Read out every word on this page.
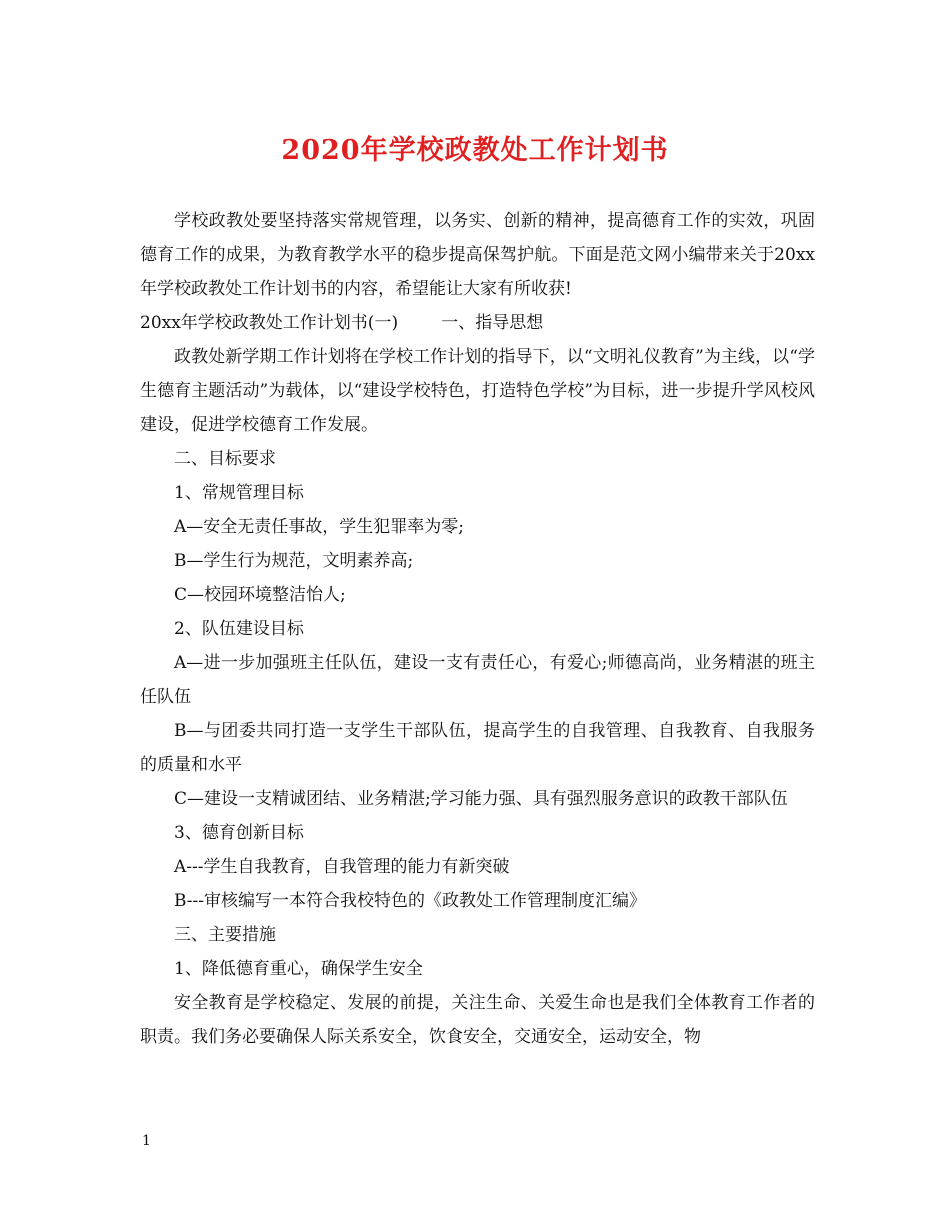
2020年学校政教处工作计划书

学校政教处要坚持落实常规管理，以务实、创新的精神，提高德育工作的实效，巩固德育工作的成果，为教育教学水平的稳步提高保驾护航。下面是范文网小编带来关于20xx年学校政教处工作计划书的内容，希望能让大家有所收获!

20xx年学校政教处工作计划书(一)        一、指导思想

政教处新学期工作计划将在学校工作计划的指导下，以“文明礼仪教育”为主线，以“学生德育主题活动”为载体，以“建设学校特色，打造特色学校”为目标，进一步提升学风校风建设，促进学校德育工作发展。

二、目标要求

1、常规管理目标

A—安全无责任事故，学生犯罪率为零;

B—学生行为规范，文明素养高;

C—校园环境整洁怡人;

2、队伍建设目标

A—进一步加强班主任队伍，建设一支有责任心，有爱心;师德高尚，业务精湛的班主任队伍

B—与团委共同打造一支学生干部队伍，提高学生的自我管理、自我教育、自我服务的质量和水平

C—建设一支精诚团结、业务精湛;学习能力强、具有强烈服务意识的政教干部队伍

3、德育创新目标

A---学生自我教育，自我管理的能力有新突破

B---审核编写一本符合我校特色的《政教处工作管理制度汇编》

三、主要措施

1、降低德育重心，确保学生安全

安全教育是学校稳定、发展的前提，关注生命、关爱生命也是我们全体教育工作者的职责。我们务必要确保人际关系安全，饮食安全，交通安全，运动安全，物

1
